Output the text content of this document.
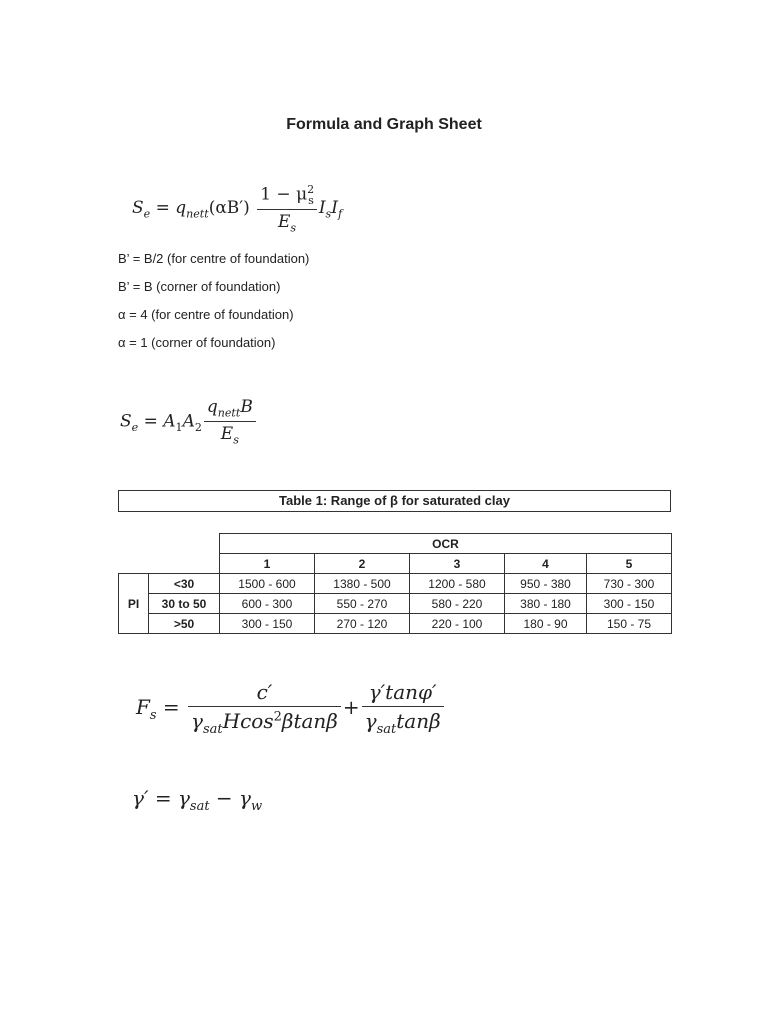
Formula and Graph Sheet
$S_e = q_{nett}(\alpha B') \frac{1 - \mu^2_s}{E_s} I_sI_f$
B’ = B/2 (for centre of foundation)
B’ = B (corner of foundation)
α = 4 (for centre of foundation)
α = 1 (corner of foundation)
$S_e = A_1A_2 \frac{q_{nett}B}{E_s}$
Table 1: Range of β for saturated clay
		OCR				
		1	2	3	4	5
PI	<30	1500 - 600	1380 - 500	1200 - 580	950 - 380	730 - 300
	30 to 50	600 - 300	550 - 270	580 - 220	380 - 180	300 - 150
	>50	300 - 150	270 - 120	220 - 100	180 - 90	150 - 75
$F_s = \frac{c'}{\gamma_{sat}Hcos^2\beta\tan\beta} + \frac{\gamma'\tan\varphi'}{\gamma_{sat}\tan\beta}$
$\gamma' = \gamma_{sat} - \gamma_w$
